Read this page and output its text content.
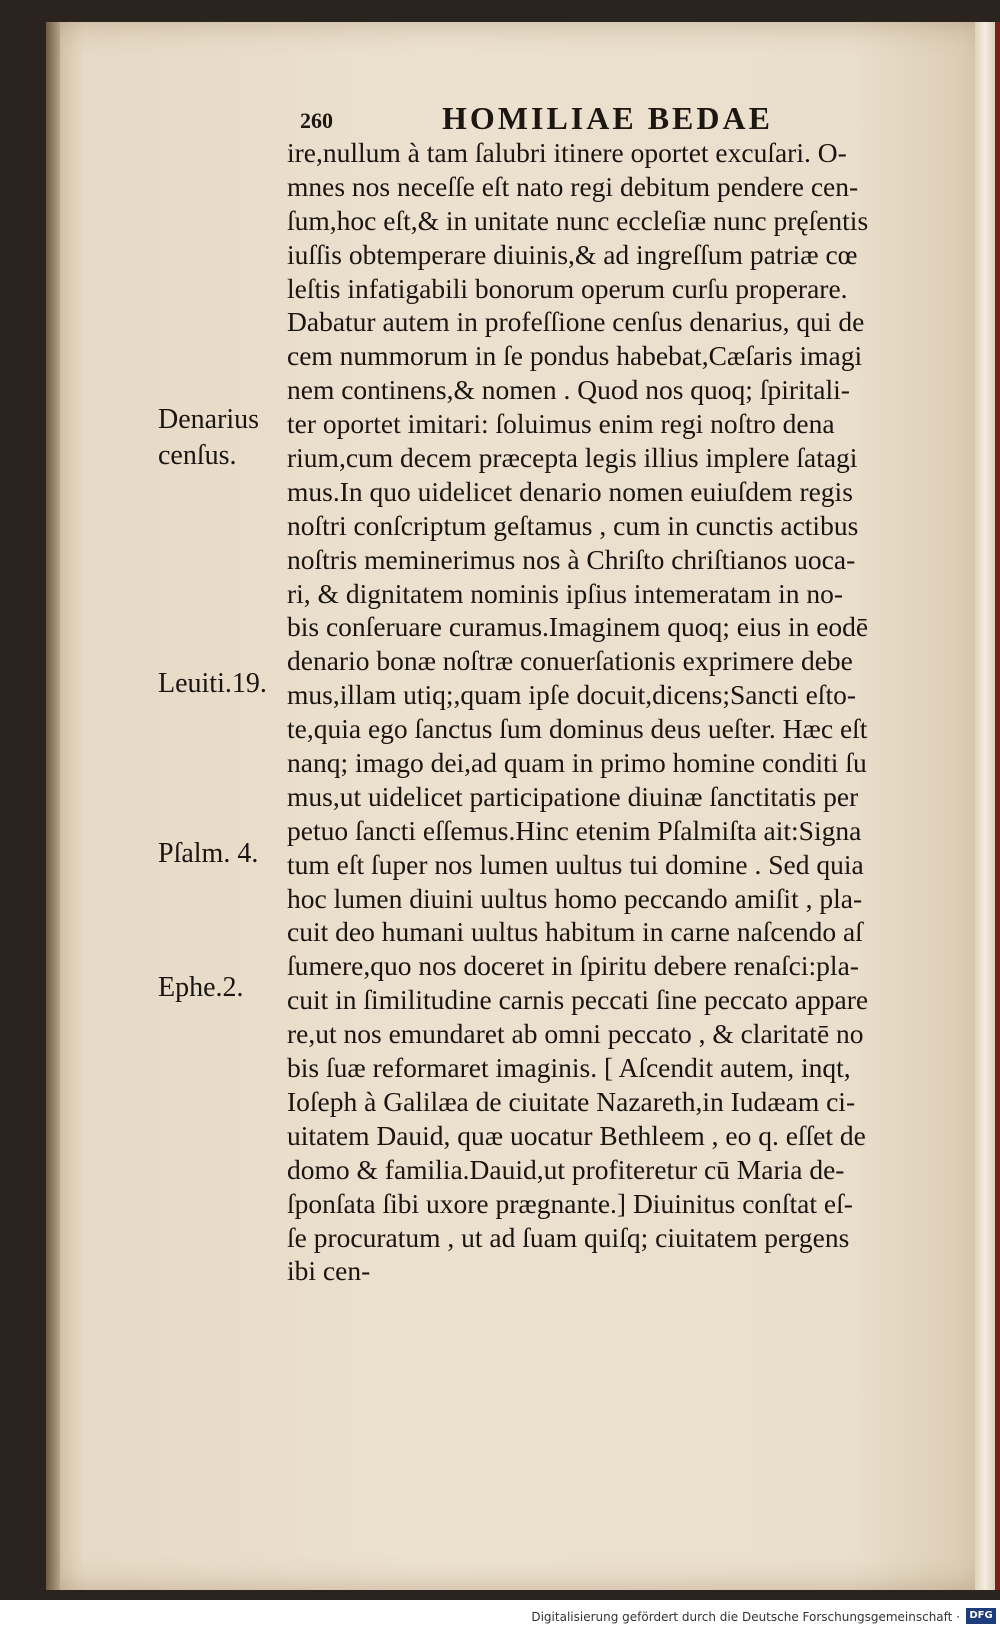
260	HOMILIAE BEDAE
ire,nullum à tam ſalubri itinere oportet excuſari. O-
mnes nos neceſſe eſt nato regi debitum pendere cen-
ſum,hoc eſt,& in unitate nunc eccleſiæ nunc pręſentis
iuſſis obtemperare diuinis,& ad ingreſſum patriæ cœ
leſtis infatigabili bonorum operum curſu properare.
Dabatur autem in profeſſione cenſus denarius, qui de
cem nummorum in ſe pondus habebat,Cæſaris imagi
nem continens,& nomen . Quod nos quoq; ſpiritali-
ter oportet imitari: ſoluimus enim regi noſtro dena
rium,cum decem præcepta legis illius implere ſatagi
mus.In quo uidelicet denario nomen euiuſdem regis
noſtri conſcriptum geſtamus , cum in cunctis actibus
noſtris meminerimus nos à Chriſto chriſtianos uoca-
ri, & dignitatem nominis ipſius intemeratam in no-
bis conſeruare curamus.Imaginem quoq; eius in eodē
denario bonæ noſtræ conuerſationis exprimere debe
mus,illam utiq;,quam ipſe docuit,dicens;Sancti eſto-
te,quia ego ſanctus ſum dominus deus ueſter. Hæc eſt
nanq; imago dei,ad quam in primo homine conditi ſu
mus,ut uidelicet participatione diuinæ ſanctitatis per
petuo ſancti eſſemus.Hinc etenim Pſalmiſta ait:Signa
tum eſt ſuper nos lumen uultus tui domine . Sed quia
hoc lumen diuini uultus homo peccando amiſit , pla-
cuit deo humani uultus habitum in carne naſcendo aſ
ſumere,quo nos doceret in ſpiritu debere renaſci:pla-
cuit in ſimilitudine carnis peccati ſine peccato appare
re,ut nos emundaret ab omni peccato , & claritatē no
bis ſuæ reformaret imaginis. [ Aſcendit autem, inqt,
Ioſeph à Galilæa de ciuitate Nazareth,in Iudæam ci-
uitatem Dauid, quæ uocatur Bethleem , eo q. eſſet de
domo & familia.Dauid,ut profiteretur cū Maria de-
ſponſata ſibi uxore prægnante.] Diuinitus conſtat eſ-
ſe procuratum , ut ad ſuam quiſq; ciuitatem pergens
ibi cen-
Denarius
cenſus.
Leuiti.19.
Pſalm. 4.
Ephe.2.
Digitalisierung gefördert durch die Deutsche Forschungsgemeinschaft · DFG
